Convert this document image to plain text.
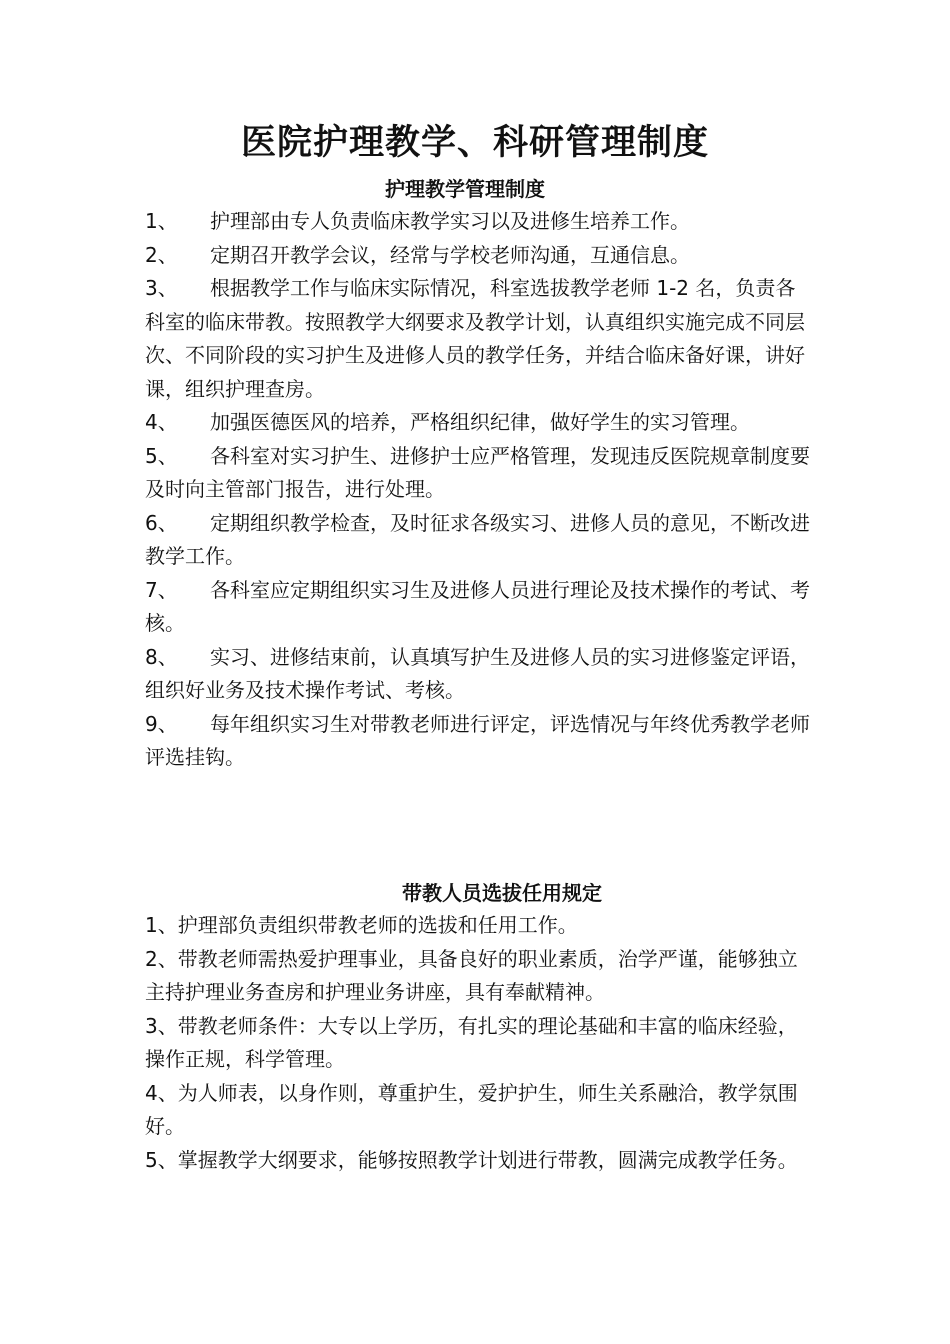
医院护理教学、科研管理制度
护理教学管理制度
1、 护理部由专人负责临床教学实习以及进修生培养工作。
2、 定期召开教学会议，经常与学校老师沟通，互通信息。
3、 根据教学工作与临床实际情况，科室选拔教学老师 1-2 名，负责各科室的临床带教。按照教学大纲要求及教学计划，认真组织实施完成不同层次、不同阶段的实习护生及进修人员的教学任务，并结合临床备好课，讲好课，组织护理查房。
4、 加强医德医风的培养，严格组织纪律，做好学生的实习管理。
5、 各科室对实习护生、进修护士应严格管理，发现违反医院规章制度要及时向主管部门报告，进行处理。
6、 定期组织教学检查，及时征求各级实习、进修人员的意见，不断改进教学工作。
7、 各科室应定期组织实习生及进修人员进行理论及技术操作的考试、考核。
8、 实习、进修结束前，认真填写护生及进修人员的实习进修鉴定评语，组织好业务及技术操作考试、考核。
9、 每年组织实习生对带教老师进行评定，评选情况与年终优秀教学老师评选挂钩。
带教人员选拔任用规定
1、护理部负责组织带教老师的选拔和任用工作。
2、带教老师需热爱护理事业，具备良好的职业素质，治学严谨，能够独立主持护理业务查房和护理业务讲座，具有奉献精神。
3、带教老师条件：大专以上学历，有扎实的理论基础和丰富的临床经验，操作正规，科学管理。
4、为人师表，以身作则，尊重护生，爱护护生，师生关系融洽，教学氛围好。
5、掌握教学大纲要求，能够按照教学计划进行带教，圆满完成教学任务。
